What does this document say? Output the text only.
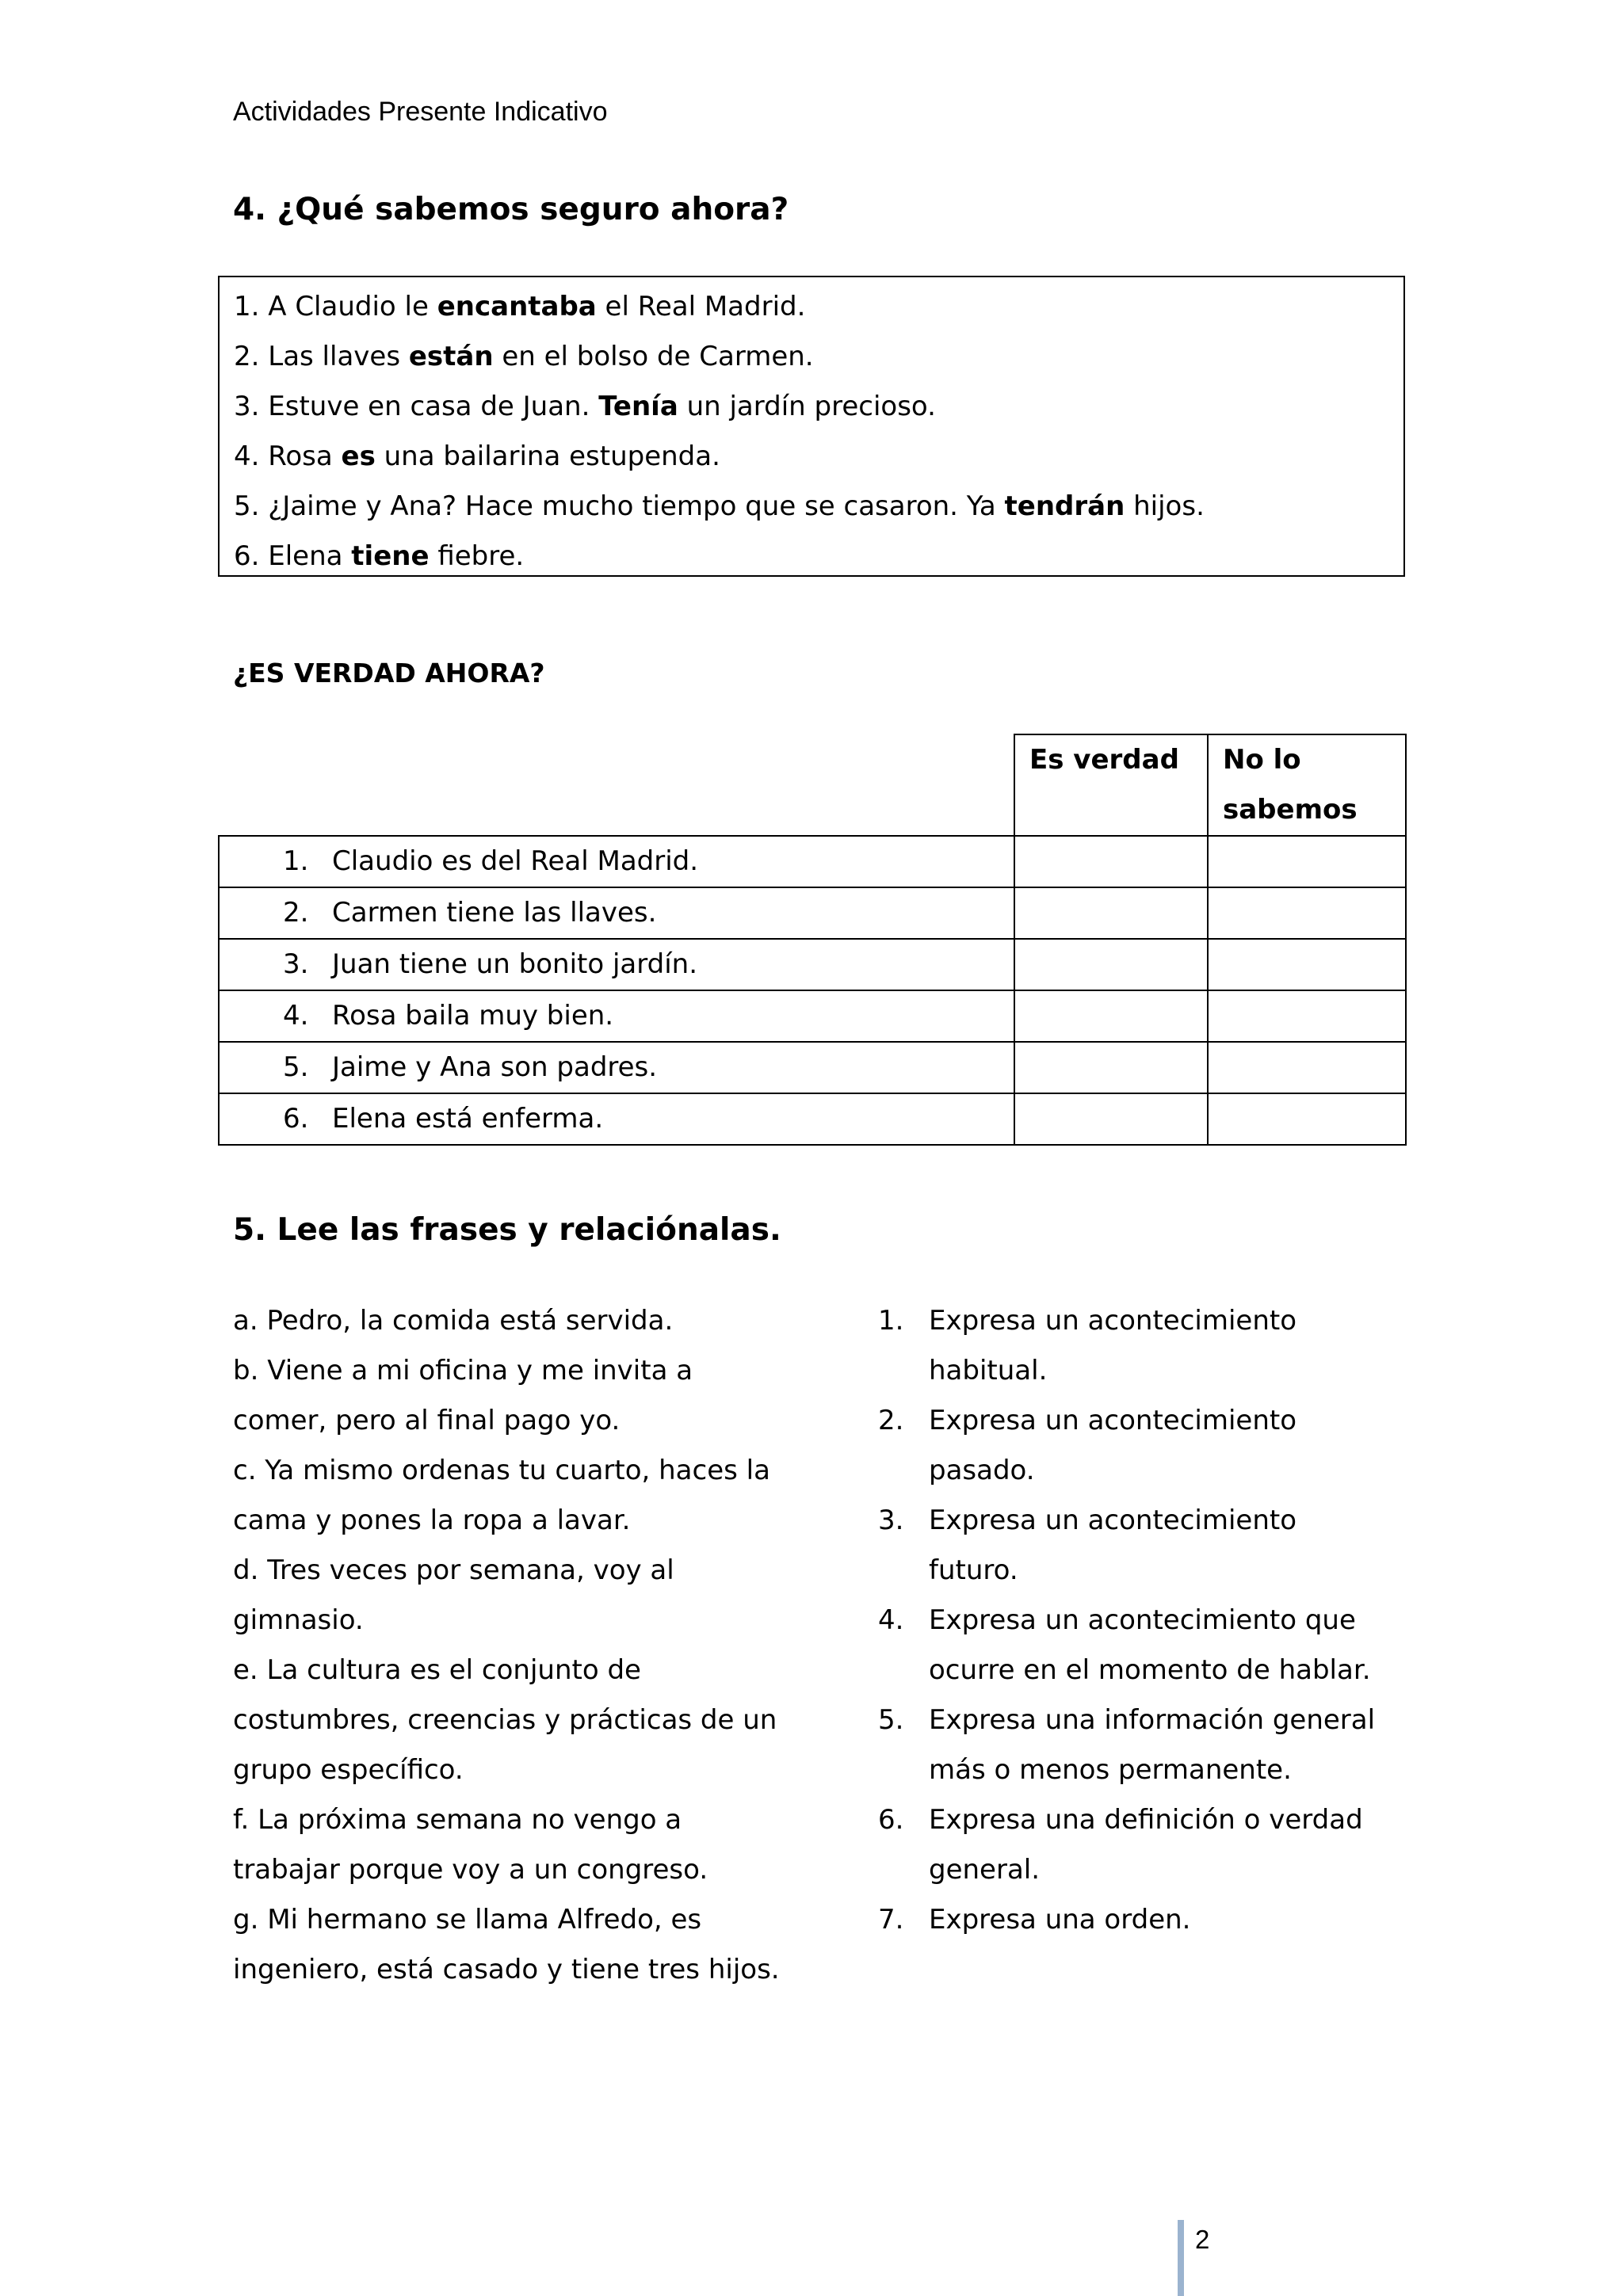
Actividades Presente Indicativo
4. ¿Qué sabemos seguro ahora?
1. A Claudio le encantaba el Real Madrid.
2. Las llaves están en el bolso de Carmen.
3. Estuve en casa de Juan. Tenía un jardín precioso.
4. Rosa es una bailarina estupenda.
5. ¿Jaime y Ana? Hace mucho tiempo que se casaron. Ya tendrán hijos.
6. Elena tiene fiebre.
¿ES VERDAD AHORA?
	Es verdad	No lo
sabemos
1. Claudio es del Real Madrid.		
2. Carmen tiene las llaves.		
3. Juan tiene un bonito jardín.		
4. Rosa baila muy bien.		
5. Jaime y Ana son padres.		
6. Elena está enferma.		
5. Lee las frases y relaciónalas.
a. Pedro, la comida está servida.
b. Viene a mi oficina y me invita a
comer, pero al final pago yo.
c. Ya mismo ordenas tu cuarto, haces la
cama y pones la ropa a lavar.
d. Tres veces por semana, voy al
gimnasio.
e. La cultura es el conjunto de
costumbres, creencias y prácticas de un
grupo específico.
f. La próxima semana no vengo a
trabajar porque voy a un congreso.
g. Mi hermano se llama Alfredo, es
ingeniero, está casado y tiene tres hijos.
1. Expresa un acontecimiento
habitual.
2. Expresa un acontecimiento
pasado.
3. Expresa un acontecimiento
futuro.
4. Expresa un acontecimiento que
ocurre en el momento de hablar.
5. Expresa una información general
más o menos permanente.
6. Expresa una definición o verdad
general.
7. Expresa una orden.
2
